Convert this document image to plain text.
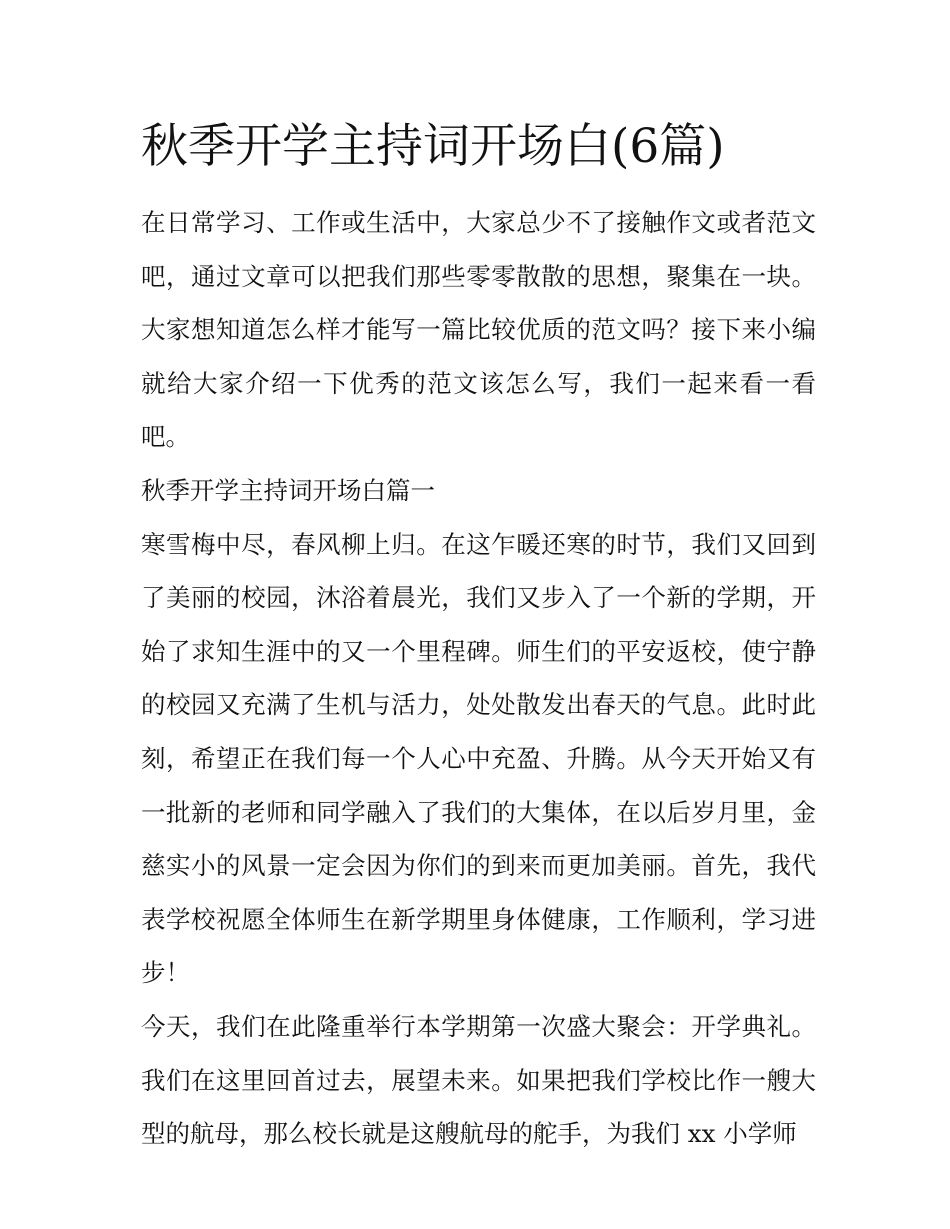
秋季开学主持词开场白(6篇)

在日常学习、工作或生活中，大家总少不了接触作文或者范文吧，通过文章可以把我们那些零零散散的思想，聚集在一块。大家想知道怎么样才能写一篇比较优质的范文吗？接下来小编就给大家介绍一下优秀的范文该怎么写，我们一起来看一看吧。

秋季开学主持词开场白篇一

寒雪梅中尽，春风柳上归。在这乍暖还寒的时节，我们又回到了美丽的校园，沐浴着晨光，我们又步入了一个新的学期，开始了求知生涯中的又一个里程碑。师生们的平安返校，使宁静的校园又充满了生机与活力，处处散发出春天的气息。此时此刻，希望正在我们每一个人心中充盈、升腾。从今天开始又有一批新的老师和同学融入了我们的大集体，在以后岁月里，金慈实小的风景一定会因为你们的到来而更加美丽。首先，我代表学校祝愿全体师生在新学期里身体健康，工作顺利，学习进步！

今天，我们在此隆重举行本学期第一次盛大聚会：开学典礼。我们在这里回首过去，展望未来。如果把我们学校比作一艘大型的航母，那么校长就是这艘航母的舵手，为我们 xx 小学师
